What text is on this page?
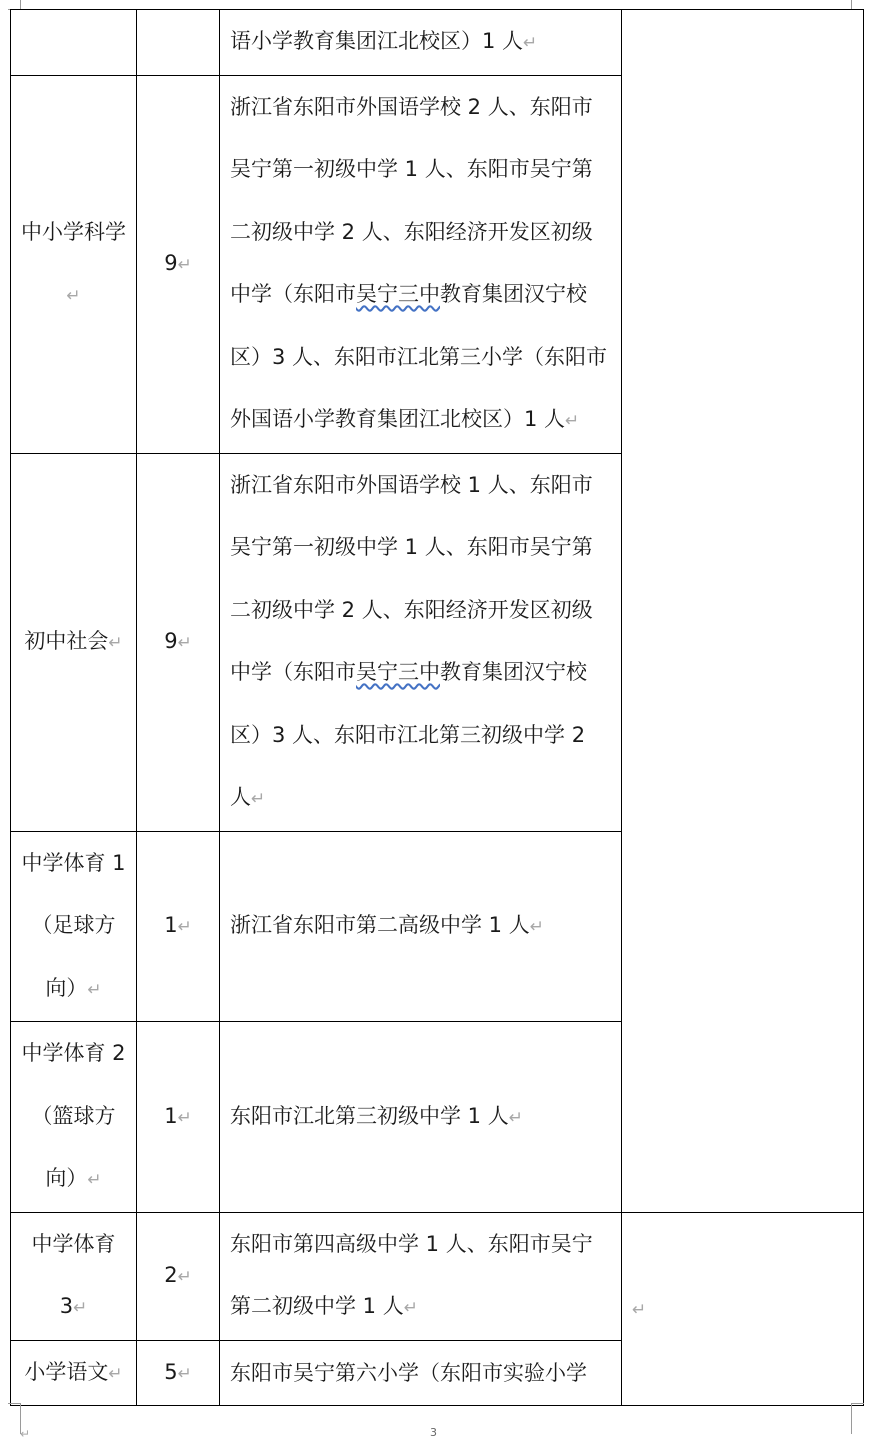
		语小学教育集团江北校区）1 人↵	
中小学科学↵	9↵	浙江省东阳市外国语学校 2 人、东阳市吴宁第一初级中学 1 人、东阳市吴宁第二初级中学 2 人、东阳经济开发区初级中学（东阳市吴宁三中教育集团汉宁校区）3 人、东阳市江北第三小学（东阳市外国语小学教育集团江北校区）1 人↵	
初中社会↵	9↵	浙江省东阳市外国语学校 1 人、东阳市吴宁第一初级中学 1 人、东阳市吴宁第二初级中学 2 人、东阳经济开发区初级中学（东阳市吴宁三中教育集团汉宁校区）3 人、东阳市江北第三初级中学 2 人↵	
中学体育 1（足球方向）↵	1↵	浙江省东阳市第二高级中学 1 人↵	
中学体育 2（篮球方向）↵	1↵	东阳市江北第三初级中学 1 人↵	
中学体育 3↵	2↵	东阳市第四高级中学 1 人、东阳市吴宁第二初级中学 1 人↵	↵
小学语文↵	5↵	东阳市吴宁第六小学（东阳市实验小学	
↵	3
